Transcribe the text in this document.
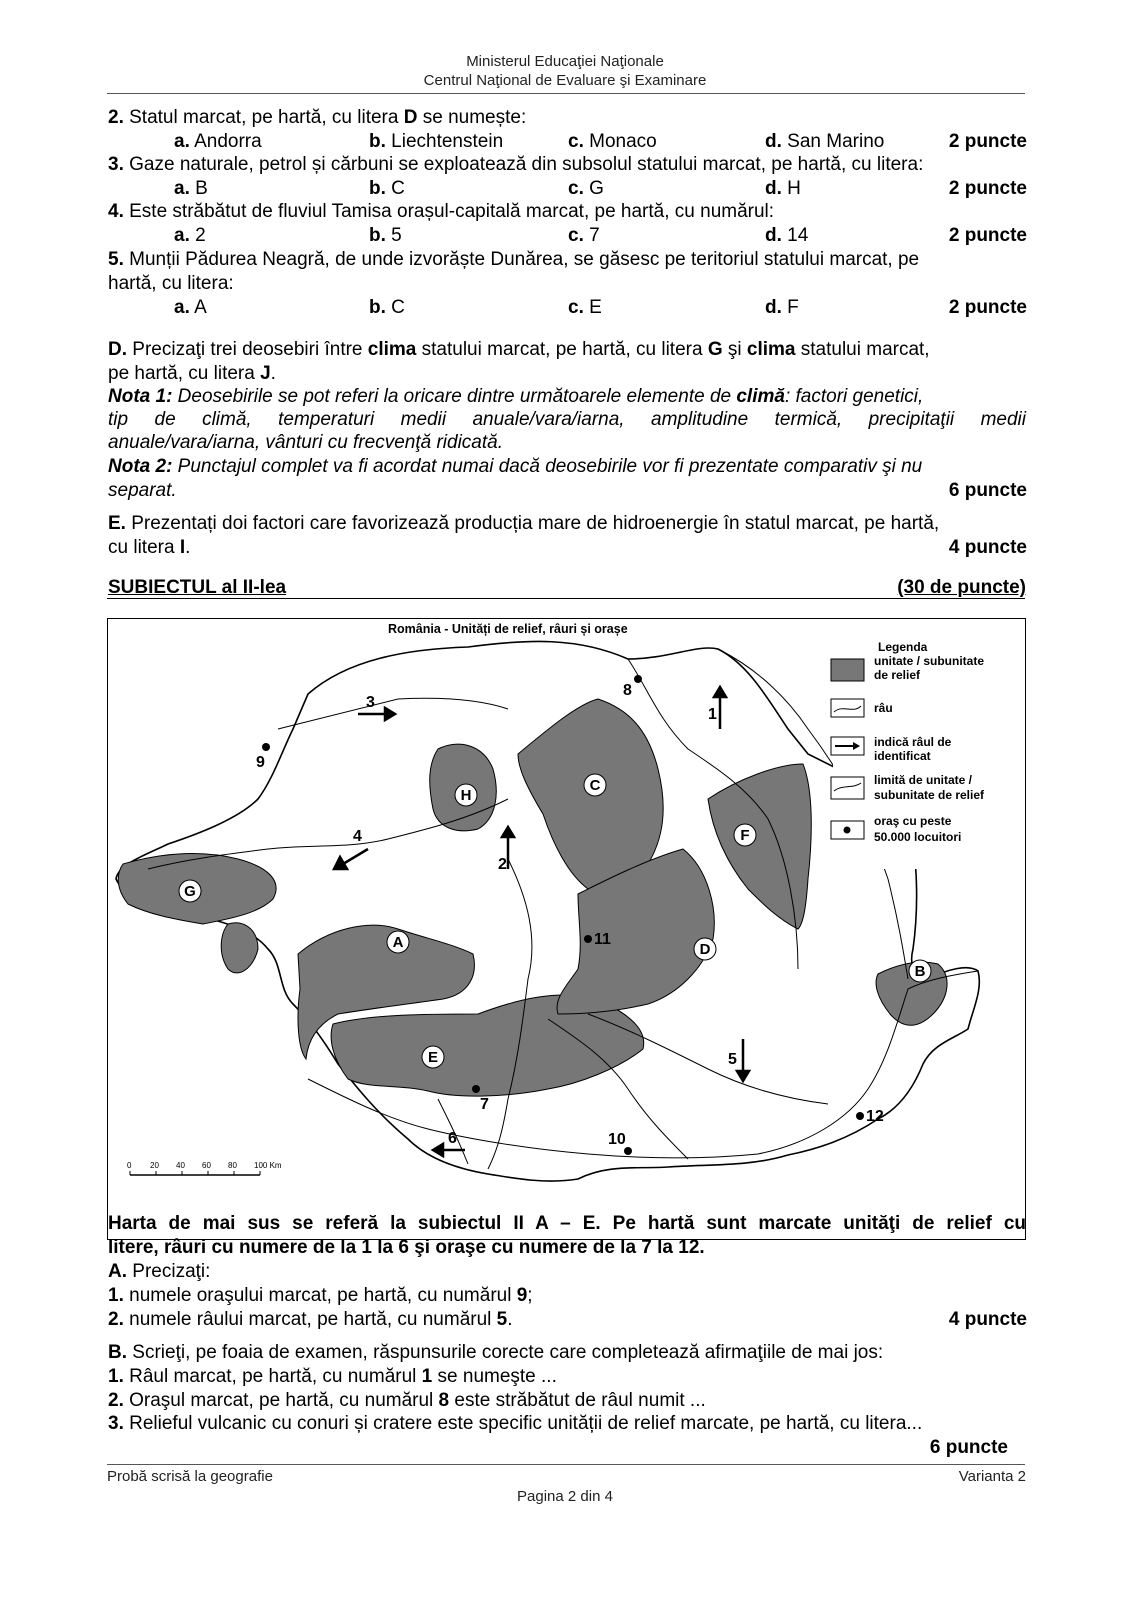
Ministerul Educaţiei Naţionale
Centrul Naţional de Evaluare şi Examinare
2. Statul marcat, pe hartă, cu litera D se numește:
a. Andorra	b. Liechtenstein	c. Monaco	d. San Marino	2 puncte
3. Gaze naturale, petrol și cărbuni se exploatează din subsolul statului marcat, pe hartă, cu litera:
a. B	b. C	c. G	d. H	2 puncte
4. Este străbătut de fluviul Tamisa orașul-capitală marcat, pe hartă, cu numărul:
a. 2	b. 5	c. 7	d. 14	2 puncte
5. Munții Pădurea Neagră, de unde izvorăște Dunărea, se găsesc pe teritoriul statului marcat, pe
hartă, cu litera:
a. A	b. C	c. E	d. F	2 puncte
D. Precizaţi trei deosebiri între clima statului marcat, pe hartă, cu litera G şi clima statului marcat,
pe hartă, cu litera J.
Nota 1: Deosebirile se pot referi la oricare dintre următoarele elemente de climă: factori genetici,
tip de climă, temperaturi medii anuale/vara/iarna, amplitudine termică, precipitaţii medii
anuale/vara/iarna, vânturi cu frecvenţă ridicată.
Nota 2: Punctajul complet va fi acordat numai dacă deosebirile vor fi prezentate comparativ şi nu
separat.	6 puncte
E. Prezentați doi factori care favorizează producția mare de hidroenergie în statul marcat, pe hartă,
cu litera I.	4 puncte
SUBIECTUL al II-lea	(30 de puncte)
G
A
B
C
D
E
F
H
1
2
3
4
5
6
7
8
9
10
11
12
România - Unități de relief, râuri și orașe
Legenda
unitate / subunitate
de relief
râu
indică râul de
identificat
limită de unitate /
subunitate de relief
oraş cu peste
50.000 locuitori
0 20 40 60 80 100 Km
Harta de mai sus se referă la subiectul II A – E. Pe hartă sunt marcate unităţi de relief cu
litere, râuri cu numere de la 1 la 6 şi oraşe cu numere de la 7 la 12.
A. Precizaţi:
1. numele oraşului marcat, pe hartă, cu numărul 9;
2. numele râului marcat, pe hartă, cu numărul 5.	4 puncte
B. Scrieţi, pe foaia de examen, răspunsurile corecte care completează afirmaţiile de mai jos:
1. Râul marcat, pe hartă, cu numărul 1 se numeşte ...
2. Oraşul marcat, pe hartă, cu numărul 8 este străbătut de râul numit ...
3. Relieful vulcanic cu conuri și cratere este specific unității de relief marcate, pe hartă, cu litera...
6 puncte
Probă scrisă la geografie	Varianta 2
Pagina 2 din 4
